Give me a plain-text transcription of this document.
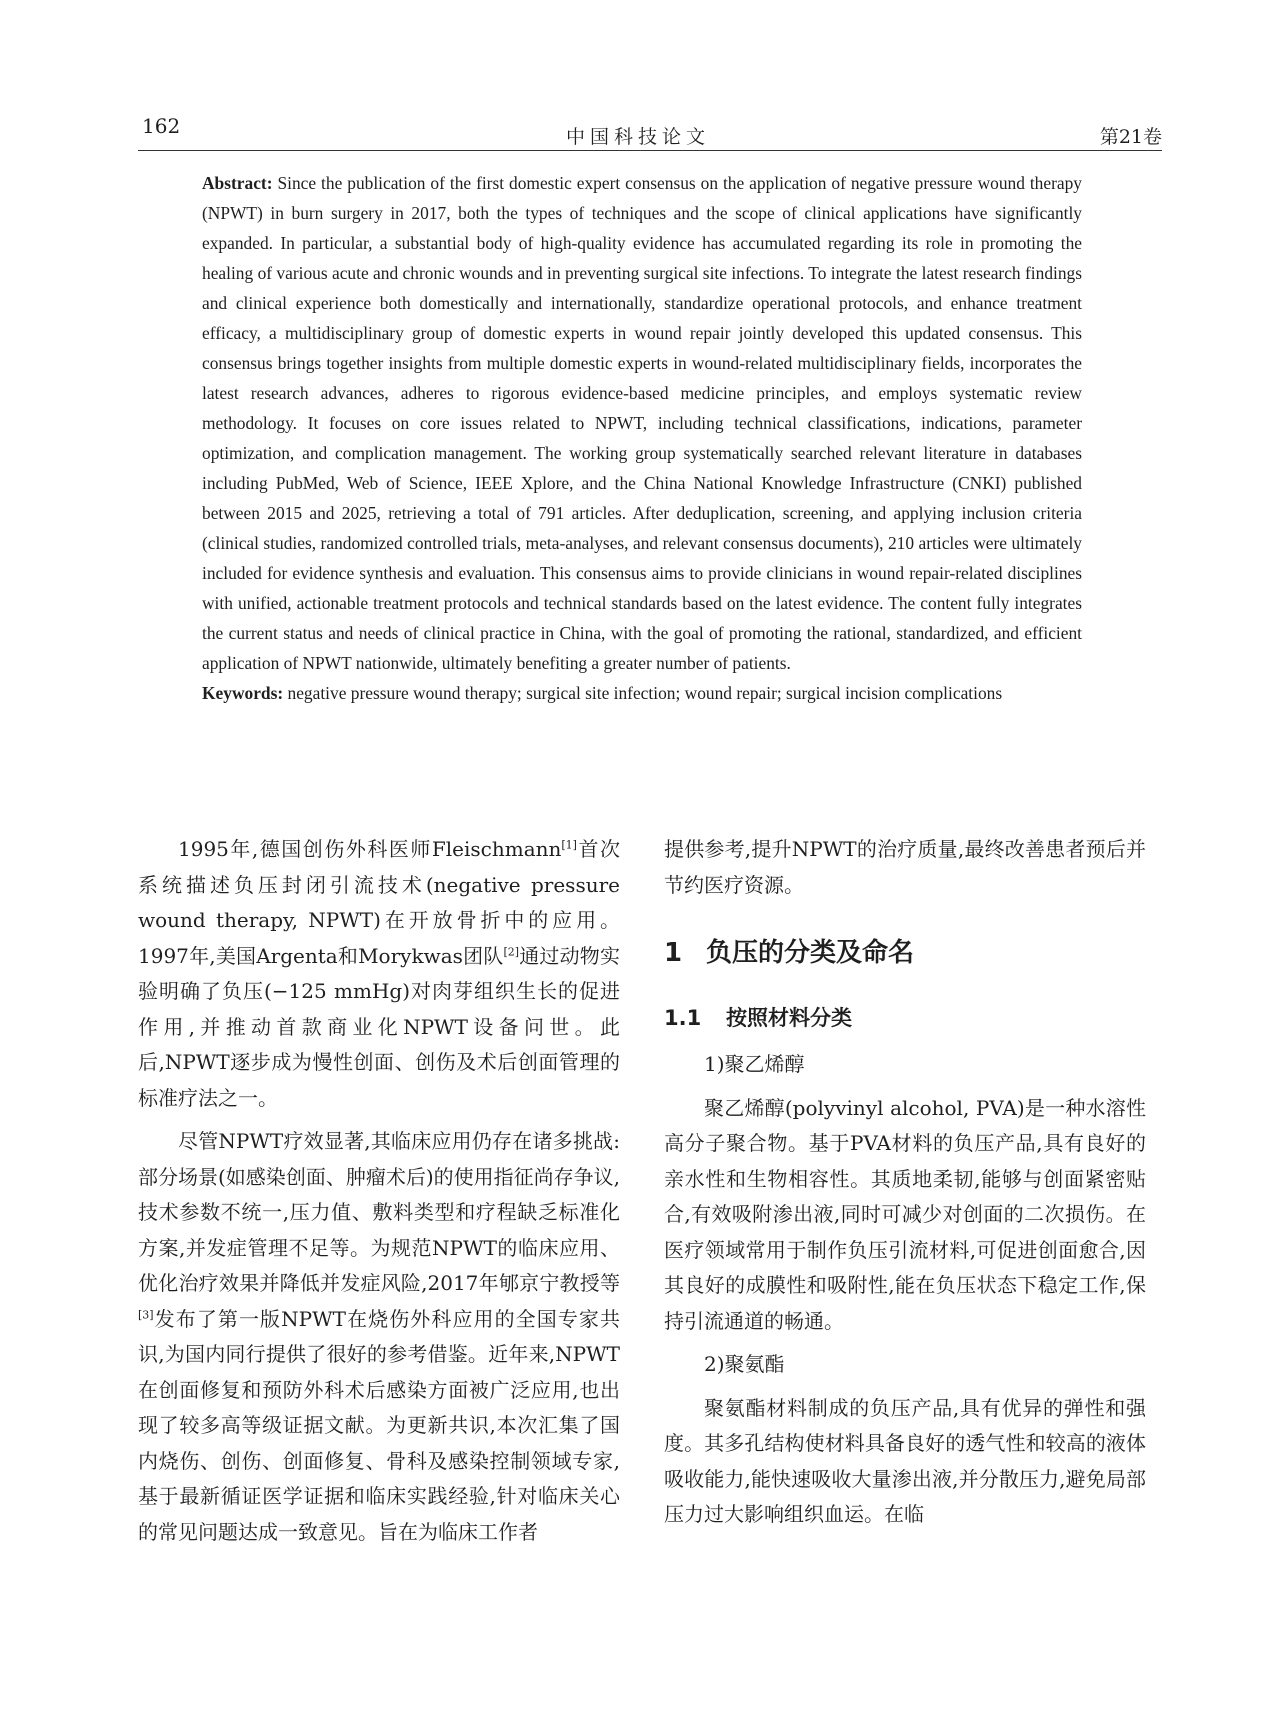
162	中国科技论文	第21卷

Abstract: Since the publication of the first domestic expert consensus on the application of negative pressure wound therapy (NPWT) in burn surgery in 2017, both the types of techniques and the scope of clinical applications have significantly expanded. In particular, a substantial body of high-quality evidence has accumulated regarding its role in promoting the healing of various acute and chronic wounds and in preventing surgical site infections. To integrate the latest research findings and clinical experience both domestically and internationally, standardize operational protocols, and enhance treatment efficacy, a multidisciplinary group of domestic experts in wound repair jointly developed this updated consensus. This consensus brings together insights from multiple domestic experts in wound-related multidisciplinary fields, incorporates the latest research advances, adheres to rigorous evidence-based medicine principles, and employs systematic review methodology. It focuses on core issues related to NPWT, including technical classifications, indications, parameter optimization, and complication management. The working group systematically searched relevant literature in databases including PubMed, Web of Science, IEEE Xplore, and the China National Knowledge Infrastructure (CNKI) published between 2015 and 2025, retrieving a total of 791 articles. After deduplication, screening, and applying inclusion criteria (clinical studies, randomized controlled trials, meta-analyses, and relevant consensus documents), 210 articles were ultimately included for evidence synthesis and evaluation. This consensus aims to provide clinicians in wound repair-related disciplines with unified, actionable treatment protocols and technical standards based on the latest evidence. The content fully integrates the current status and needs of clinical practice in China, with the goal of promoting the rational, standardized, and efficient application of NPWT nationwide, ultimately benefiting a greater number of patients.

Keywords: negative pressure wound therapy; surgical site infection; wound repair; surgical incision complications

1995年,德国创伤外科医师Fleischmann[1]首次系统描述负压封闭引流技术(negative pressure wound therapy, NPWT)在开放骨折中的应用。1997年,美国Argenta和Morykwas团队[2]通过动物实验明确了负压(−125 mmHg)对肉芽组织生长的促进作用,并推动首款商业化NPWT设备问世。此后,NPWT逐步成为慢性创面、创伤及术后创面管理的标准疗法之一。

尽管NPWT疗效显著,其临床应用仍存在诸多挑战:部分场景(如感染创面、肿瘤术后)的使用指征尚存争议,技术参数不统一,压力值、敷料类型和疗程缺乏标准化方案,并发症管理不足等。为规范NPWT的临床应用、优化治疗效果并降低并发症风险,2017年郇京宁教授等[3]发布了第一版NPWT在烧伤外科应用的全国专家共识,为国内同行提供了很好的参考借鉴。近年来,NPWT在创面修复和预防外科术后感染方面被广泛应用,也出现了较多高等级证据文献。为更新共识,本次汇集了国内烧伤、创伤、创面修复、骨科及感染控制领域专家,基于最新循证医学证据和临床实践经验,针对临床关心的常见问题达成一致意见。旨在为临床工作者

提供参考,提升NPWT的治疗质量,最终改善患者预后并节约医疗资源。

1 负压的分类及命名
1.1 按照材料分类

1)聚乙烯醇

聚乙烯醇(polyvinyl alcohol, PVA)是一种水溶性高分子聚合物。基于PVA材料的负压产品,具有良好的亲水性和生物相容性。其质地柔韧,能够与创面紧密贴合,有效吸附渗出液,同时可减少对创面的二次损伤。在医疗领域常用于制作负压引流材料,可促进创面愈合,因其良好的成膜性和吸附性,能在负压状态下稳定工作,保持引流通道的畅通。

2)聚氨酯

聚氨酯材料制成的负压产品,具有优异的弹性和强度。其多孔结构使材料具备良好的透气性和较高的液体吸收能力,能快速吸收大量渗出液,并分散压力,避免局部压力过大影响组织血运。在临
